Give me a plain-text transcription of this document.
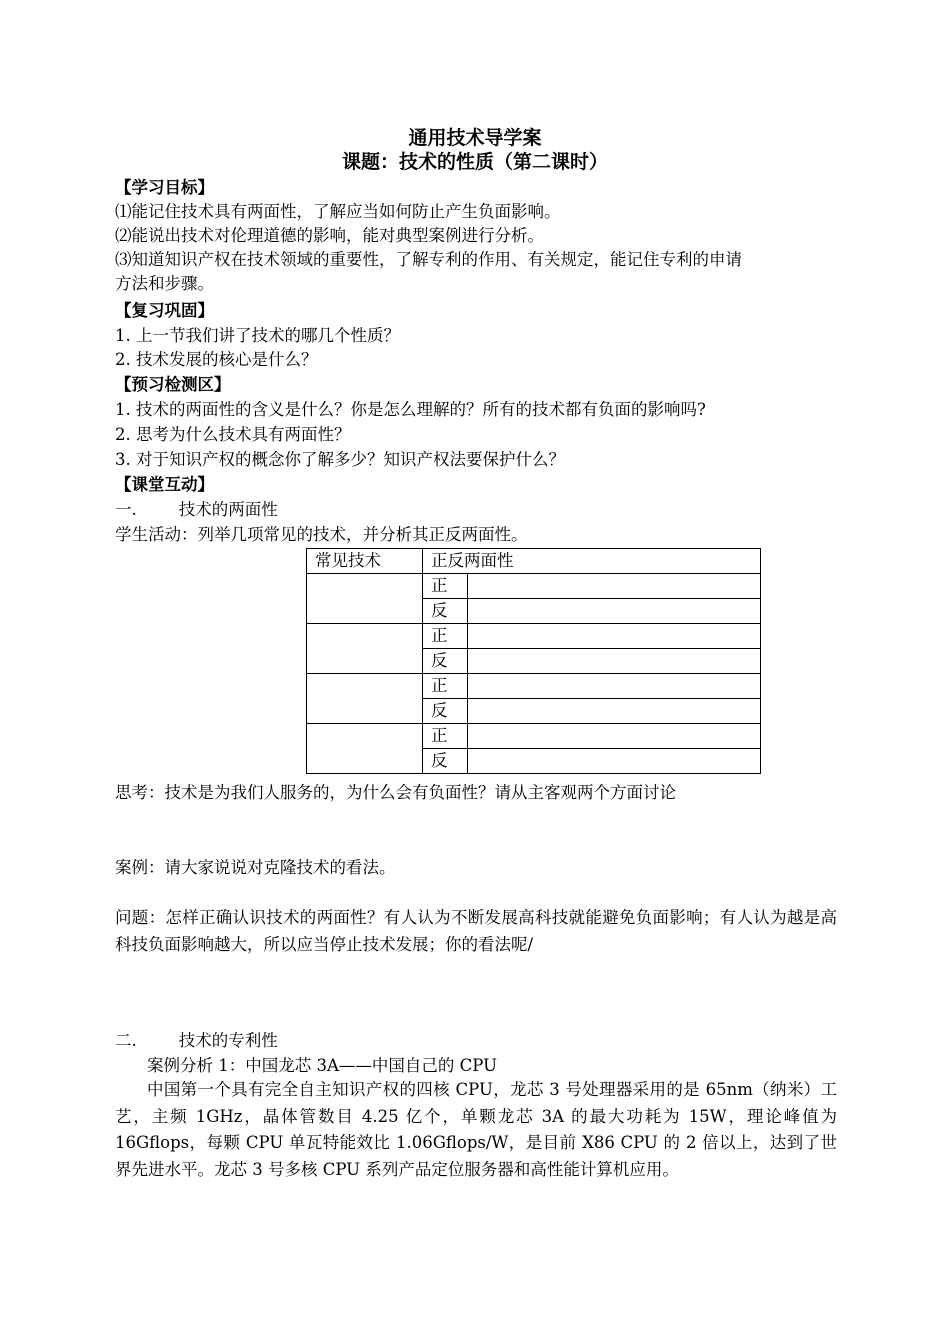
通用技术导学案
课题：技术的性质（第二课时）
【学习目标】
⑴能记住技术具有两面性，了解应当如何防止产生负面影响。
⑵能说出技术对伦理道德的影响，能对典型案例进行分析。
⑶知道知识产权在技术领域的重要性，了解专利的作用、有关规定，能记住专利的申请
方法和步骤。
【复习巩固】
1. 上一节我们讲了技术的哪几个性质？
2. 技术发展的核心是什么？
【预习检测区】
1. 技术的两面性的含义是什么？你是怎么理解的？所有的技术都有负面的影响吗?
2. 思考为什么技术具有两面性？
3. 对于知识产权的概念你了解多少？知识产权法要保护什么？
【课堂互动】
一.        技术的两面性
学生活动：列举几项常见的技术，并分析其正反两面性。
常见技术	正反两面性	
	正	
	反	
	正	
	反	
	正	
	反	
	正	
	反	
思考：技术是为我们人服务的，为什么会有负面性？请从主客观两个方面讨论
案例：请大家说说对克隆技术的看法。
问题：怎样正确认识技术的两面性？有人认为不断发展高科技就能避免负面影响；有人认为越是高科技负面影响越大，所以应当停止技术发展；你的看法呢/
二.        技术的专利性
案例分析 1：中国龙芯 3A——中国自己的 CPU
中国第一个具有完全自主知识产权的四核 CPU，龙芯 3 号处理器采用的是 65nm（纳米）工艺，主频 1GHz，晶体管数目 4.25 亿个，单颗龙芯 3A 的最大功耗为 15W，理论峰值为 16Gflops，每颗 CPU 单瓦特能效比 1.06Gflops/W，是目前 X86 CPU 的 2 倍以上，达到了世界先进水平。龙芯 3 号多核 CPU 系列产品定位服务器和高性能计算机应用。
